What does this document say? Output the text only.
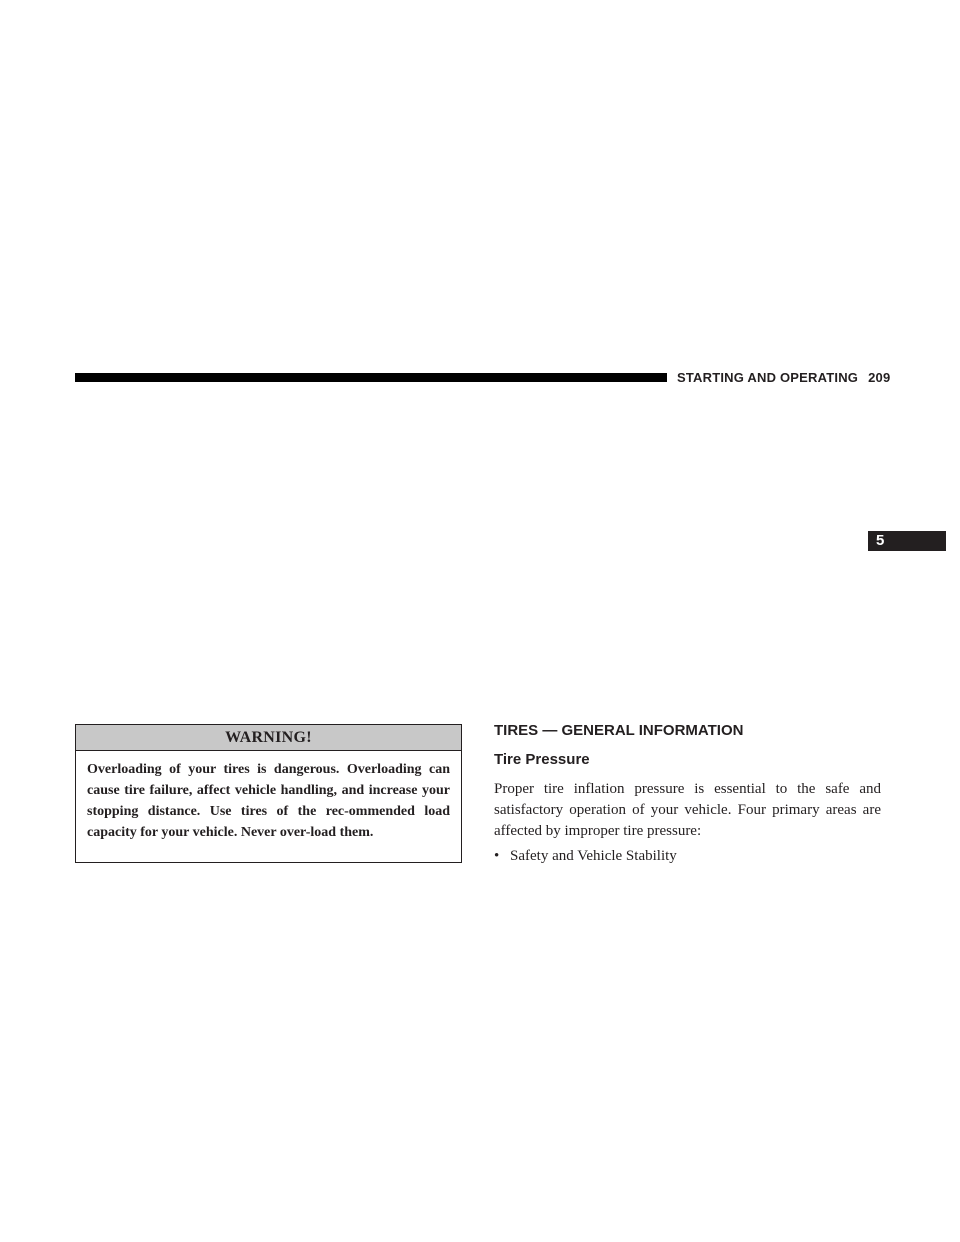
STARTING AND OPERATING 209
5
WARNING!
Overloading of your tires is dangerous. Overloading can cause tire failure, affect vehicle handling, and increase your stopping distance. Use tires of the rec-ommended load capacity for your vehicle. Never over-load them.
TIRES — GENERAL INFORMATION
Tire Pressure
Proper tire inflation pressure is essential to the safe and satisfactory operation of your vehicle. Four primary areas are affected by improper tire pressure:
• Safety and Vehicle Stability
